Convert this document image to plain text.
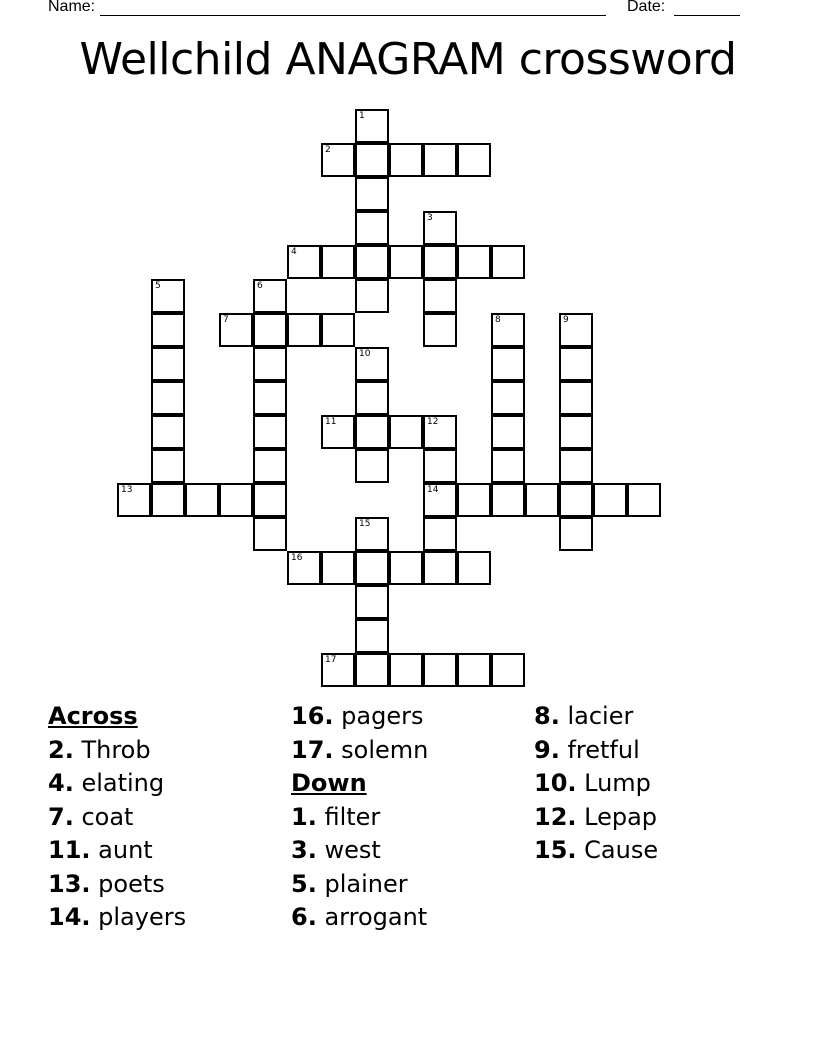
Name:	Date:
Wellchild ANAGRAM crossword
1
2
3
4
5	6
7	8	9
10
11	12
14
13
15
16
17
Across
2. Throb
4. elating
7. coat
11. aunt
13. poets
14. players
16. pagers
17. solemn
Down
1. filter
3. west
5. plainer
6. arrogant
8. lacier
9. fretful
10. Lump
12. Lepap
15. Cause
